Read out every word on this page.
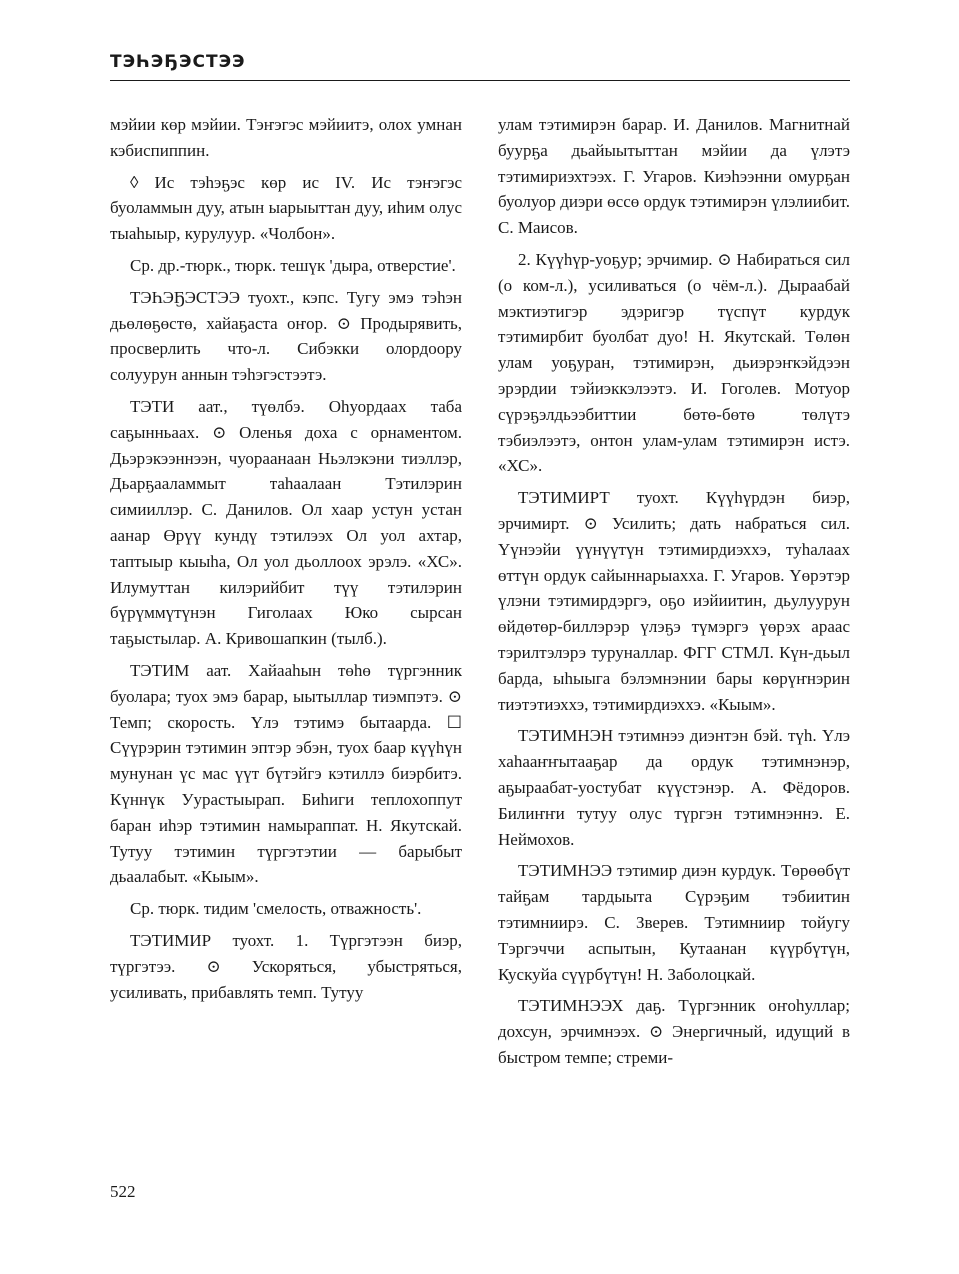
ТЭҺЭҔЭСТЭЭ

мэйии көр мэйии. Тэҥэгэс мэйиитэ, олох умнан кэбиспиппин.

◊ Ис тэһэҕэс көр ис IV. Ис тэҥэгэс буоламмын дуу, атын ыарыыттан дуу, иһим олус тыаһыыр, курулуур. «Чолбон».

Ср. др.-тюрк., тюрк. тешүк 'дыра, отверстие'.

ТЭҺЭҔЭСТЭЭ туохт., кэпс. Тугу эмэ тэһэн дьөлөҕөстө, хайаҕаста оҥор. ⊙ Продырявить, просверлить что-л. Сибэкки олордоору солуурун аннын тэһэгэстээтэ.

ТЭТИ аат., түөлбэ. Оһуордаах таба саҕынньаах. ⊙ Оленья доха с орнаментом. Дьэрэкээннээн, чуораанаан Ньэлэкэни тиэллэр, Дьарҕааламмыт таһаалаан Тэтилэрин симииллэр. С. Данилов. Ол хаар устун устан аанар Өрүү кундү тэтилээх Ол уол ахтар, таптыыр кыыһа, Ол уол дьоллоох эрэлэ. «ХС». Илумуттан килэрийбит түү тэтилэрин бүрүммүтүнэн Гиголаах Юко сырсан таҕыстылар. А. Кривошапкин (тылб.).

ТЭТИМ аат. Хайааһын төһө түргэнник буолара; туох эмэ барар, ыытыллар тиэмпэтэ. ⊙ Темп; скорость. Үлэ тэтимэ бытаарда. ☐ Сүүрэрин тэтимин эптэр эбэн, туох баар күүһүн мунунан үс мас үүт бүтэйгэ кэтиллэ биэрбитэ. Күннүк Уурастыырап. Биһиги теплохоппут баран иһэр тэтимин намыраппат. Н. Якутскай. Тутуу тэтимин түргэтэтии — барыбыт дьаалабыт. «Кыым».

Ср. тюрк. тидим 'смелость, отважность'.

ТЭТИМИР туохт. 1. Түргэтээн биэр, түргэтээ. ⊙ Ускоряться, убыстряться, усиливать, прибавлять темп. Тутуу

улам тэтимирэн барар. И. Данилов. Магнитнай буурҕа дьайыытыттан мэйии да үлэтэ тэтимириэхтээх. Г. Угаров. Киэһээнни омурҕан буолуор диэри өссө ордук тэтимирэн үлэлиибит. С. Маисов.

2. Күүһүр-уоҕур; эрчимир. ⊙ Набираться сил (о ком-л.), усиливаться (о чём-л.). Дыраабай мэктиэтигэр эдэригэр түспүт курдук тэтимирбит буолбат дуо! Н. Якутскай. Төлөн улам уоҕуран, тэтимирэн, дьиэрэҥкэйдээн эрэрдии тэйиэккэлээтэ. И. Гоголев. Мотуор сүрэҕэлдьээбиттии бөтө-бөтө төлүтэ тэбиэлээтэ, онтон улам-улам тэтимирэн истэ. «ХС».

ТЭТИМИРТ туохт. Күүһүрдэн биэр, эрчимирт. ⊙ Усилить; дать набраться сил. Үүнээйи үүнүүтүн тэтимирдиэххэ, туһалаах өттүн ордук сайыннарыахха. Г. Угаров. Үөрэтэр үлэни тэтимирдэргэ, оҕо иэйиитин, дьулуурун өйдөтөр-биллэрэр үлэҕэ түмэргэ үөрэх араас тэрилтэлэрэ туруналлар. ФГГ СТМЛ. Күн-дьыл барда, ыһыыга бэлэмнэнии бары көрүҥнэрин тиэтэтиэххэ, тэтимирдиэххэ. «Кыым».

ТЭТИМНЭН тэтимнээ диэнтэн бэй. түһ. Үлэ хаһааҥҥытааҕар да ордук тэтимнэнэр, аҕыраабат-уостубат күүстэнэр. А. Фёдоров. Билиҥҥи тутуу олус түргэн тэтимнэннэ. Е. Неймохов.

ТЭТИМНЭЭ тэтимир диэн курдук. Төрөөбүт тайҕам тардыыта Сүрэҕим тэбиитин тэтимниирэ. С. Зверев. Тэтимниир тойугу Тэргэччи аспытын, Кутаанан күүрбүтүн, Кускуйа сүүрбүтүн! Н. Заболоцкай.

ТЭТИМНЭЭХ даҕ. Түргэнник оҥоһуллар; дохсун, эрчимнээх. ⊙ Энергичный, идущий в быстром темпе; стреми-

522
